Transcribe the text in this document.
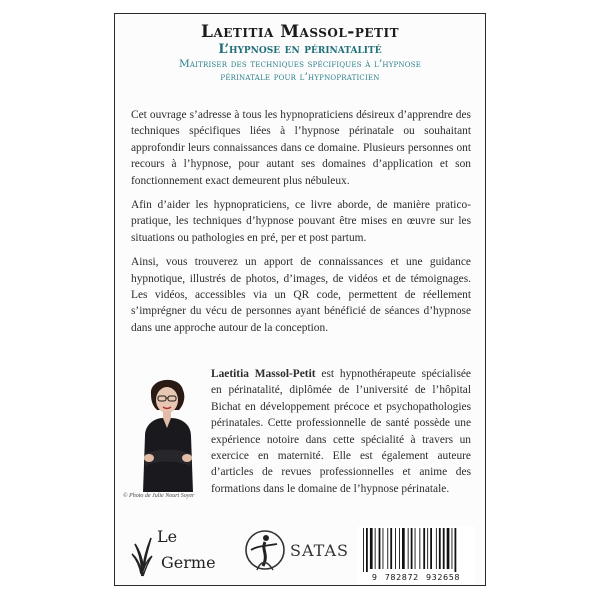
Laetitia Massol-petit
L’hypnose en périnatalité
Maitriser des techniques spécifiques à l’hypnose
périnatale pour l’hypnopraticien

Cet ouvrage s’adresse à tous les hypnopraticiens désireux d’apprendre des techniques spécifiques liées à l’hypnose périnatale ou souhaitant approfondir leurs connaissances dans ce domaine. Plusieurs personnes ont recours à l’hypnose, pour autant ses domaines d’application et son fonctionnement exact demeurent plus nébuleux.

Afin d’aider les hypnopraticiens, ce livre aborde, de manière pratico-pratique, les techniques d’hypnose pouvant être mises en œuvre sur les situations ou pathologies en pré, per et post partum.

Ainsi, vous trouverez un apport de connaissances et une guidance hypnotique, illustrés de photos, d’images, de vidéos et de témoignages. Les vidéos, accessibles via un QR code, permettent de réellement s’imprégner du vécu de personnes ayant bénéficié de séances d’hypnose dans une approche autour de la conception.

© Photo de Julie Nourt Soyer
Laetitia Massol-Petit est hypnothérapeute spécialisée en périnatalité, diplômée de l’université de l’hôpital Bichat en développement précoce et psychopathologies périnatales. Cette professionnelle de santé possède une expérience notoire dans cette spécialité à travers un exercice en maternité. Elle est également auteure d’articles de revues professionnelles et anime des formations dans le domaine de l’hypnose périnatale.
Le
Germe
SATAS
9 782872 932658
